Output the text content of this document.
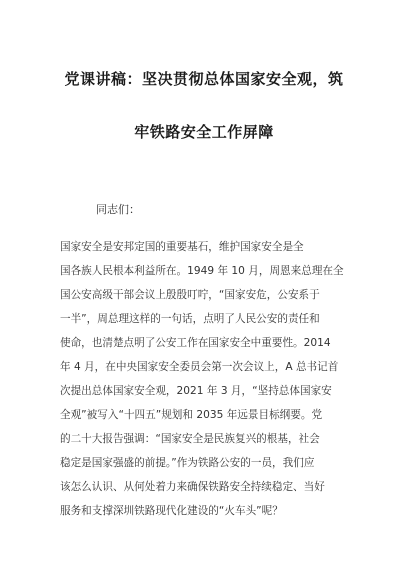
党课讲稿：坚决贯彻总体国家安全观，筑
牢铁路安全工作屏障
同志们：
国家安全是安邦定国的重要基石，维护国家安全是全
国各族人民根本利益所在。1949 年 10 月，周恩来总理在全
国公安高级干部会议上殷殷叮咛，“国家安危，公安系于
一半”，周总理这样的一句话，点明了人民公安的责任和
使命，也清楚点明了公安工作在国家安全中重要性。2014
年 4 月，在中央国家安全委员会第一次会议上，A 总书记首
次提出总体国家安全观，2021 年 3 月，“坚持总体国家安
全观”被写入“十四五”规划和 2035 年远景目标纲要。党
的二十大报告强调：“国家安全是民族复兴的根基，社会
稳定是国家强盛的前提。”作为铁路公安的一员，我们应
该怎么认识、从何处着力来确保铁路安全持续稳定、当好
服务和支撑深圳铁路现代化建设的“火车头”呢？
